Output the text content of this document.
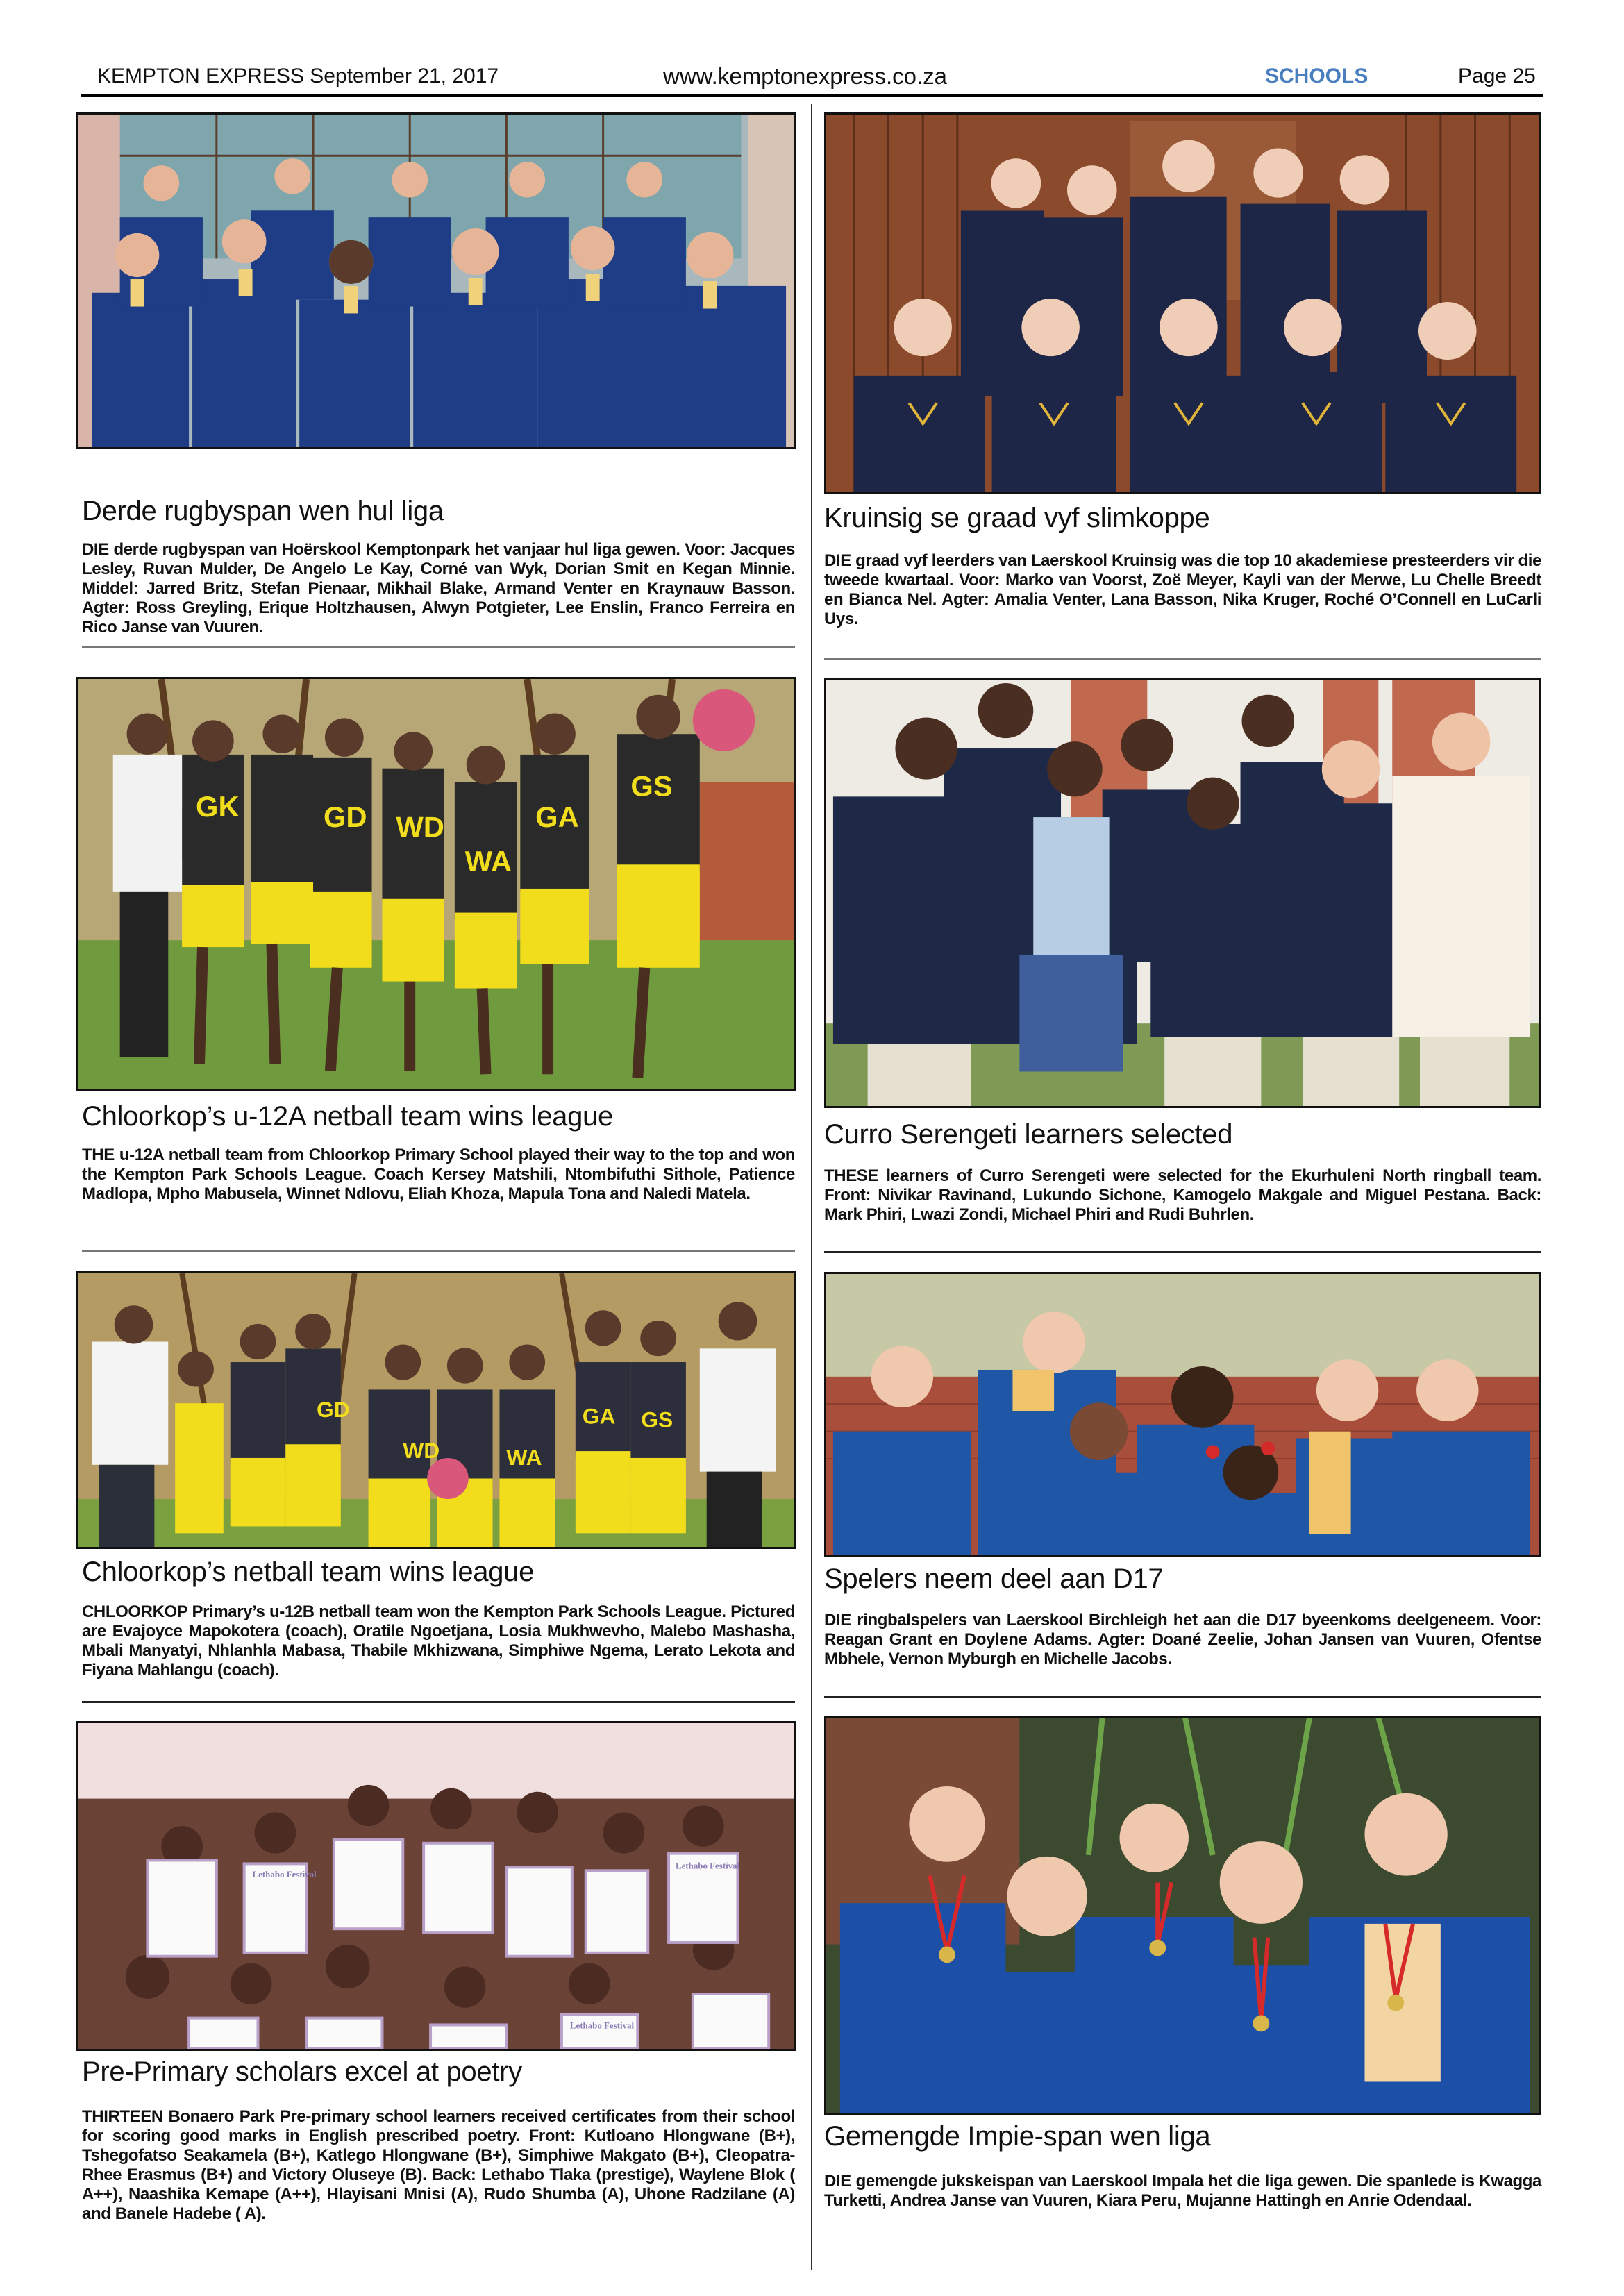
KEMPTON EXPRESS September 21, 2017	www.kemptonexpress.co.za	SCHOOLS	Page 25
Derde rugbyspan wen hul liga
DIE derde rugbyspan van Hoërskool Kemptonpark het vanjaar hul liga gewen. Voor: Jacques Lesley, Ruvan Mulder, De Angelo Le Kay, Corné van Wyk, Dorian Smit en Kegan Minnie. Middel: Jarred Britz, Stefan Pienaar, Mikhail Blake, Armand Venter en Kraynauw Basson. Agter: Ross Greyling, Erique Holtzhausen, Alwyn Potgieter, Lee Enslin, Franco Ferreira en Rico Janse van Vuuren.
GS
GA
WA
WD
GD
GK
Chloorkop’s u-12A netball team wins league
THE u-12A netball team from Chloorkop Primary School played their way to the top and won the Kempton Park Schools League. Coach Kersey Matshili, Ntombifuthi Sithole, Patience Madlopa, Mpho Mabusela, Winnet Ndlovu, Eliah Khoza, Mapula Tona and Naledi Matela.
GD
WD	WA
GA GS
Chloorkop’s netball team wins league
CHLOORKOP Primary’s u-12B netball team won the Kempton Park Schools League. Pictured are Evajoyce Mapokotera (coach), Oratile Ngoetjana, Losia Mukhwevho, Malebo Mashasha, Mbali Manyatyi, Nhlanhla Mabasa, Thabile Mkhizwana, Simphiwe Ngema, Lerato Lekota and Fiyana Mahlangu (coach).
Lethabo Festival
Lethabo Festival
Lethabo Festival
Pre-Primary scholars excel at poetry
THIRTEEN Bonaero Park Pre-primary school learners received certificates from their school for scoring good marks in English prescribed poetry. Front: Kutloano Hlongwane (B+), Tshegofatso Seakamela (B+), Katlego Hlongwane (B+), Simphiwe Makgato (B+), Cleopatra-Rhee Erasmus (B+) and Victory Oluseye (B). Back: Lethabo Tlaka (prestige), Waylene Blok ( A++), Naashika Kemape (A++), Hlayisani Mnisi (A), Rudo Shumba (A), Uhone Radzilane (A) and Banele Hadebe ( A).
Kruinsig se graad vyf slimkoppe
DIE graad vyf leerders van Laerskool Kruinsig was die top 10 akademiese presteerders vir die tweede kwartaal. Voor: Marko van Voorst, Zoë Meyer, Kayli van der Merwe, Lu Chelle Breedt en Bianca Nel. Agter: Amalia Venter, Lana Basson, Nika Kruger, Roché O’Connell en LuCarli Uys.
Curro Serengeti learners selected
THESE learners of Curro Serengeti were selected for the Ekurhuleni North ringball team. Front: Nivikar Ravinand, Lukundo Sichone, Kamogelo Makgale and Miguel Pestana. Back: Mark Phiri, Lwazi Zondi, Michael Phiri and Rudi Buhrlen.
Spelers neem deel aan D17
DIE ringbalspelers van Laerskool Birchleigh het aan die D17 byeenkoms deelgeneem. Voor: Reagan Grant en Doylene Adams. Agter: Doané Zeelie, Johan Jansen van Vuuren, Ofentse Mbhele, Vernon Myburgh en Michelle Jacobs.
Gemengde Impie-span wen liga
DIE gemengde jukskeispan van Laerskool Impala het die liga gewen. Die spanlede is Kwagga Turketti, Andrea Janse van Vuuren, Kiara Peru, Mujanne Hattingh en Anrie Odendaal.
